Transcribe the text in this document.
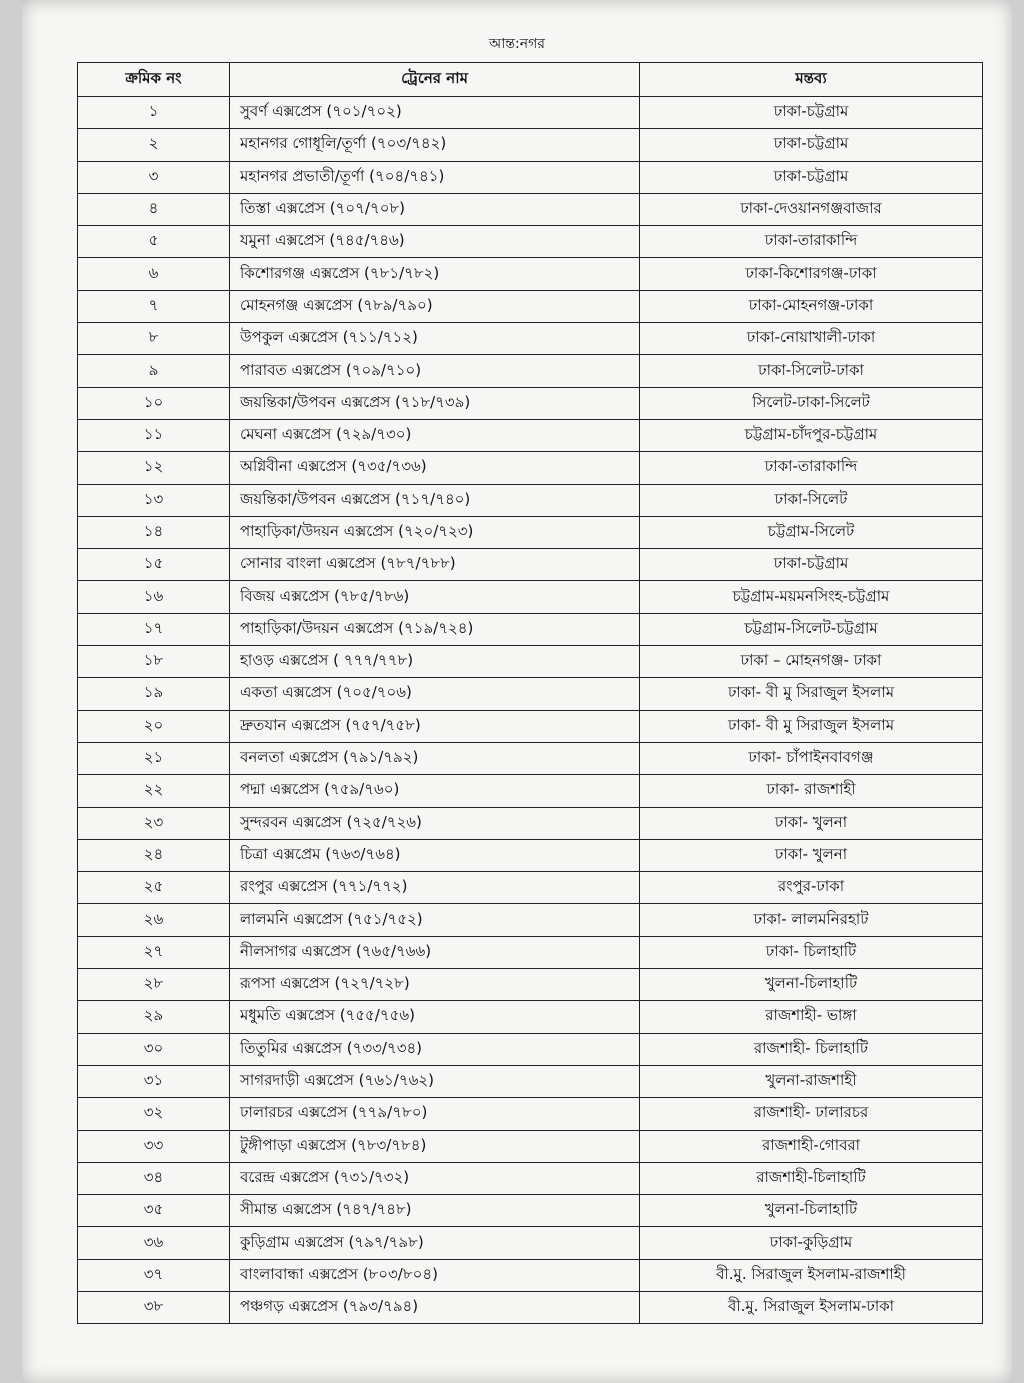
আন্ত:নগর
ক্রমিক নং	ট্রেনের নাম	মন্তব্য
১	সুবর্ণ এক্সপ্রেস (৭০১/৭০২)	ঢাকা-চট্টগ্রাম
২	মহানগর গোধূলি/তূর্ণা (৭০৩/৭৪২)	ঢাকা-চট্টগ্রাম
৩	মহানগর প্রভাতী/তূর্ণা (৭০৪/৭৪১)	ঢাকা-চট্টগ্রাম
৪	তিস্তা এক্সপ্রেস (৭০৭/৭০৮)	ঢাকা-দেওয়ানগঞ্জবাজার
৫	যমুনা এক্সপ্রেস (৭৪৫/৭৪৬)	ঢাকা-তারাকান্দি
৬	কিশোরগঞ্জ এক্সপ্রেস (৭৮১/৭৮২)	ঢাকা-কিশোরগঞ্জ-ঢাকা
৭	মোহনগঞ্জ এক্সপ্রেস (৭৮৯/৭৯০)	ঢাকা-মোহনগঞ্জ-ঢাকা
৮	উপকুল এক্সপ্রেস (৭১১/৭১২)	ঢাকা-নোয়াখালী-ঢাকা
৯	পারাবত এক্সপ্রেস (৭০৯/৭১০)	ঢাকা-সিলেট-ঢাকা
১০	জয়ন্তিকা/উপবন এক্সপ্রেস (৭১৮/৭৩৯)	সিলেট-ঢাকা-সিলেট
১১	মেঘনা এক্সপ্রেস (৭২৯/৭৩০)	চট্টগ্রাম-চাঁদপুর-চট্টগ্রাম
১২	অগ্নিবীনা এক্সপ্রেস (৭৩৫/৭৩৬)	ঢাকা-তারাকান্দি
১৩	জয়ন্তিকা/উপবন এক্সপ্রেস (৭১৭/৭৪০)	ঢাকা-সিলেট
১৪	পাহাড়িকা/উদয়ন এক্সপ্রেস (৭২০/৭২৩)	চট্টগ্রাম-সিলেট
১৫	সোনার বাংলা এক্সপ্রেস (৭৮৭/৭৮৮)	ঢাকা-চট্টগ্রাম
১৬	বিজয় এক্সপ্রেস (৭৮৫/৭৮৬)	চট্টগ্রাম-ময়মনসিংহ-চট্টগ্রাম
১৭	পাহাড়িকা/উদয়ন এক্সপ্রেস (৭১৯/৭২৪)	চট্টগ্রাম-সিলেট-চট্টগ্রাম
১৮	হাওড় এক্সপ্রেস ( ৭৭৭/৭৭৮)	ঢাকা – মোহনগঞ্জ- ঢাকা
১৯	একতা এক্সপ্রেস (৭০৫/৭০৬)	ঢাকা- বী মু সিরাজুল ইসলাম
২০	দ্রুতযান এক্সপ্রেস (৭৫৭/৭৫৮)	ঢাকা- বী মু সিরাজুল ইসলাম
২১	বনলতা এক্সপ্রেস (৭৯১/৭৯২)	ঢাকা- চাঁপাইনবাবগঞ্জ
২২	পদ্মা এক্সপ্রেস (৭৫৯/৭৬০)	ঢাকা- রাজশাহী
২৩	সুন্দরবন এক্সপ্রেস (৭২৫/৭২৬)	ঢাকা- খুলনা
২৪	চিত্রা এক্সপ্রেম (৭৬৩/৭৬৪)	ঢাকা- খুলনা
২৫	রংপুর এক্সপ্রেস (৭৭১/৭৭২)	রংপুর-ঢাকা
২৬	লালমনি এক্সপ্রেস (৭৫১/৭৫২)	ঢাকা- লালমনিরহাট
২৭	নীলসাগর এক্সপ্রেস (৭৬৫/৭৬৬)	ঢাকা- চিলাহাটি
২৮	রূপসা এক্সপ্রেস (৭২৭/৭২৮)	খুলনা-চিলাহাটি
২৯	মধুমতি এক্সপ্রেস (৭৫৫/৭৫৬)	রাজশাহী- ভাঙ্গা
৩০	তিতুমির এক্সপ্রেস (৭৩৩/৭৩৪)	রাজশাহী- চিলাহাটি
৩১	সাগরদাড়ী এক্সপ্রেস (৭৬১/৭৬২)	খুলনা-রাজশাহী
৩২	ঢালারচর এক্সপ্রেস (৭৭৯/৭৮০)	রাজশাহী- ঢালারচর
৩৩	টুঙ্গীপাড়া এক্সপ্রেস (৭৮৩/৭৮৪)	রাজশাহী-গোবরা
৩৪	বরেন্দ্র এক্সপ্রেস (৭৩১/৭৩২)	রাজশাহী-চিলাহাটি
৩৫	সীমান্ত এক্সপ্রেস (৭৪৭/৭৪৮)	খুলনা-চিলাহাটি
৩৬	কুড়িগ্রাম এক্সপ্রেস (৭৯৭/৭৯৮)	ঢাকা-কুড়িগ্রাম
৩৭	বাংলাবান্ধা এক্সপ্রেস (৮০৩/৮০৪)	বী.মু. সিরাজুল ইসলাম-রাজশাহী
৩৮	পঞ্চগড় এক্সপ্রেস (৭৯৩/৭৯৪)	বী.মু. সিরাজুল ইসলাম-ঢাকা
